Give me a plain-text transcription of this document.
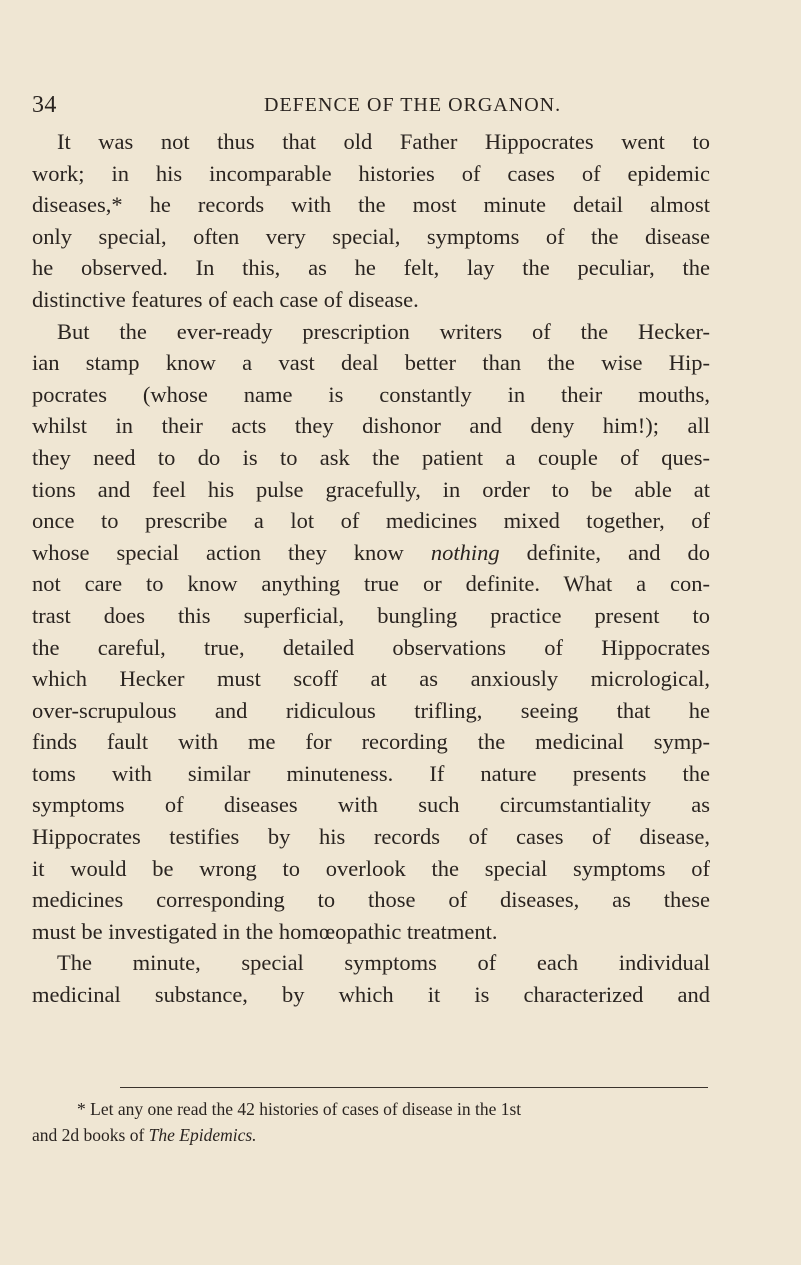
34	DEFENCE OF THE ORGANON.
It was not thus that old Father Hippocrates went to
work; in his incomparable histories of cases of epidemic
diseases,* he records with the most minute detail almost
only special, often very special, symptoms of the disease
he observed. In this, as he felt, lay the peculiar, the
distinctive features of each case of disease.
But the ever-ready prescription writers of the Hecker-
ian stamp know a vast deal better than the wise Hip-
pocrates (whose name is constantly in their mouths,
whilst in their acts they dishonor and deny him!); all
they need to do is to ask the patient a couple of ques-
tions and feel his pulse gracefully, in order to be able at
once to prescribe a lot of medicines mixed together, of
whose special action they know nothing definite, and do
not care to know anything true or definite. What a con-
trast does this superficial, bungling practice present to
the careful, true, detailed observations of Hippocrates
which Hecker must scoff at as anxiously micrological,
over-scrupulous and ridiculous trifling, seeing that he
finds fault with me for recording the medicinal symp-
toms with similar minuteness. If nature presents the
symptoms of diseases with such circumstantiality as
Hippocrates testifies by his records of cases of disease,
it would be wrong to overlook the special symptoms of
medicines corresponding to those of diseases, as these
must be investigated in the homœopathic treatment.
The minute, special symptoms of each individual
medicinal substance, by which it is characterized and
* Let any one read the 42 histories of cases of disease in the 1st
and 2d books of The Epidemics.
